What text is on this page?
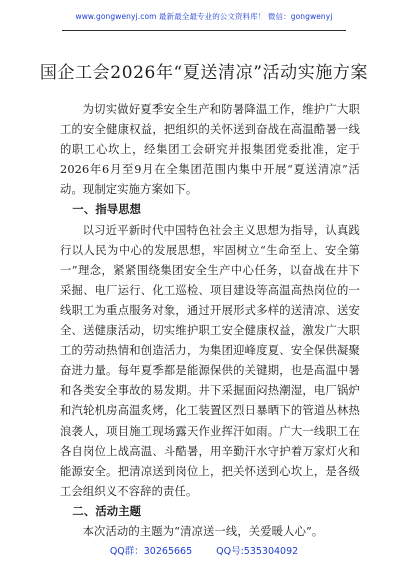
www.gongwenyj.com 最新最全最专业的公文资料库！ 微信：gongwenyj
国企工会2026年“夏送清凉”活动实施方案

为切实做好夏季安全生产和防暑降温工作，维护广大职工的安全健康权益，把组织的关怀送到奋战在高温酷暑一线的职工心坎上，经集团工会研究并报集团党委批准，定于2026年6月至9月在全集团范围内集中开展“夏送清凉”活动。现制定实施方案如下。

一、指导思想

以习近平新时代中国特色社会主义思想为指导，认真践行以人民为中心的发展思想，牢固树立“生命至上、安全第一”理念，紧紧围绕集团安全生产中心任务，以奋战在井下采掘、电厂运行、化工巡检、项目建设等高温高热岗位的一线职工为重点服务对象，通过开展形式多样的送清凉、送安全、送健康活动，切实维护职工安全健康权益，激发广大职工的劳动热情和创造活力，为集团迎峰度夏、安全保供凝聚奋进力量。每年夏季都是能源保供的关键期，也是高温中暑和各类安全事故的易发期。井下采掘面闷热潮湿，电厂锅炉和汽轮机房高温炙烤，化工装置区烈日暴晒下的管道丛林热浪袭人，项目施工现场露天作业挥汗如雨。广大一线职工在各自岗位上战高温、斗酷暑，用辛勤汗水守护着万家灯火和能源安全。把清凉送到岗位上，把关怀送到心坎上，是各级工会组织义不容辞的责任。

二、活动主题

本次活动的主题为“清凉送一线，关爱暖人心”。

QQ群：30265665	QQ号:535304092
